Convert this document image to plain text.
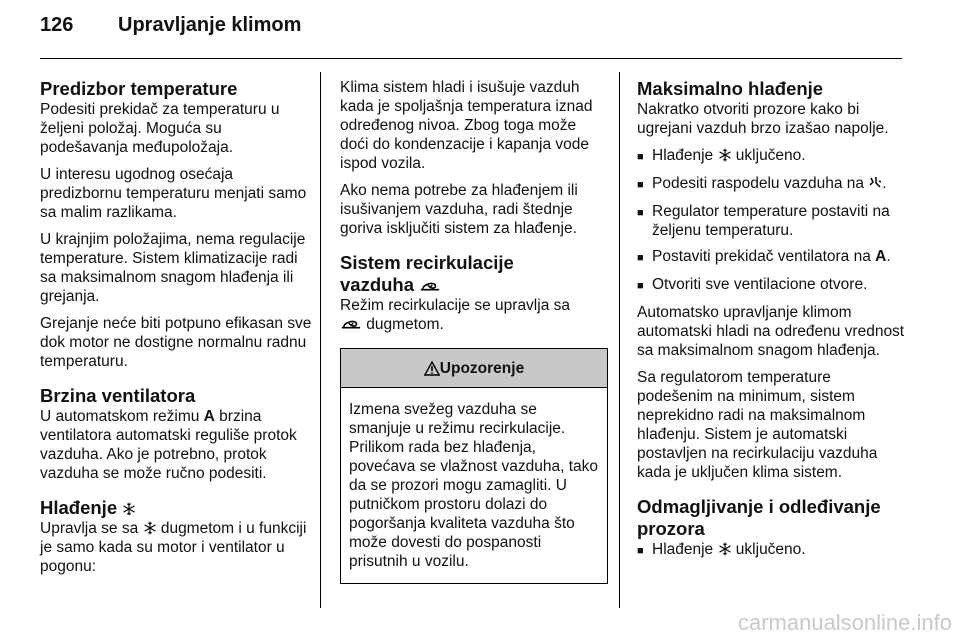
126 Upravljanje klimom
Predizbor temperature

Podesiti prekidač za temperaturu u željeni položaj. Moguća su podešavanja međupoložaja.

U interesu ugodnog osećaja predizbornu temperaturu menjati samo sa malim razlikama.

U krajnjim položajima, nema regulacije temperature. Sistem klimatizacije radi sa maksimalnom snagom hlađenja ili grejanja.

Grejanje neće biti potpuno efikasan sve dok motor ne dostigne normalnu radnu temperaturu.

Brzina ventilatora

U automatskom režimu A brzina ventilatora automatski reguliše protok vazduha. Ako je potrebno, protok vazduha se može ručno podesiti.

Hlađenje

Upravlja se sa  dugmetom i u funkciji je samo kada su motor i ventilator u pogonu:

Klima sistem hladi i isušuje vazduh kada je spoljašnja temperatura iznad određenog nivoa. Zbog toga može doći do kondenzacije i kapanja vode ispod vozila.

Ako nema potrebe za hlađenjem ili isušivanjem vazduha, radi štednje goriva isključiti sistem za hlađenje.

Sistem recirkulacije
vazduha

Režim recirkulacije se upravlja sa
dugmetom.

Upozorenje
Izmena svežeg vazduha se smanjuje u režimu recirkulacije. Prilikom rada bez hlađenja, povećava se vlažnost vazduha, tako da se prozori mogu zamagliti. U putničkom prostoru dolazi do pogoršanja kvaliteta vazduha što može dovesti do pospanosti prisutnih u vozilu.
Maksimalno hlađenje

Nakratko otvoriti prozore kako bi ugrejani vazduh brzo izašao napolje.

■ Hlađenje  uključeno.
■ Podesiti raspodelu vazduha na .
■ Regulator temperature postaviti na željenu temperaturu.
■ Postaviti prekidač ventilatora na A.
■ Otvoriti sve ventilacione otvore.

Automatsko upravljanje klimom automatski hladi na određenu vrednost sa maksimalnom snagom hlađenja.

Sa regulatorom temperature podešenim na minimum, sistem neprekidno radi na maksimalnom hlađenju. Sistem je automatski postavljen na recirkulaciju vazduha kada je uključen klima sistem.

Odmagljivanje i odleđivanje prozora
■ Hlađenje  uključeno.
carmanualsonline.info
